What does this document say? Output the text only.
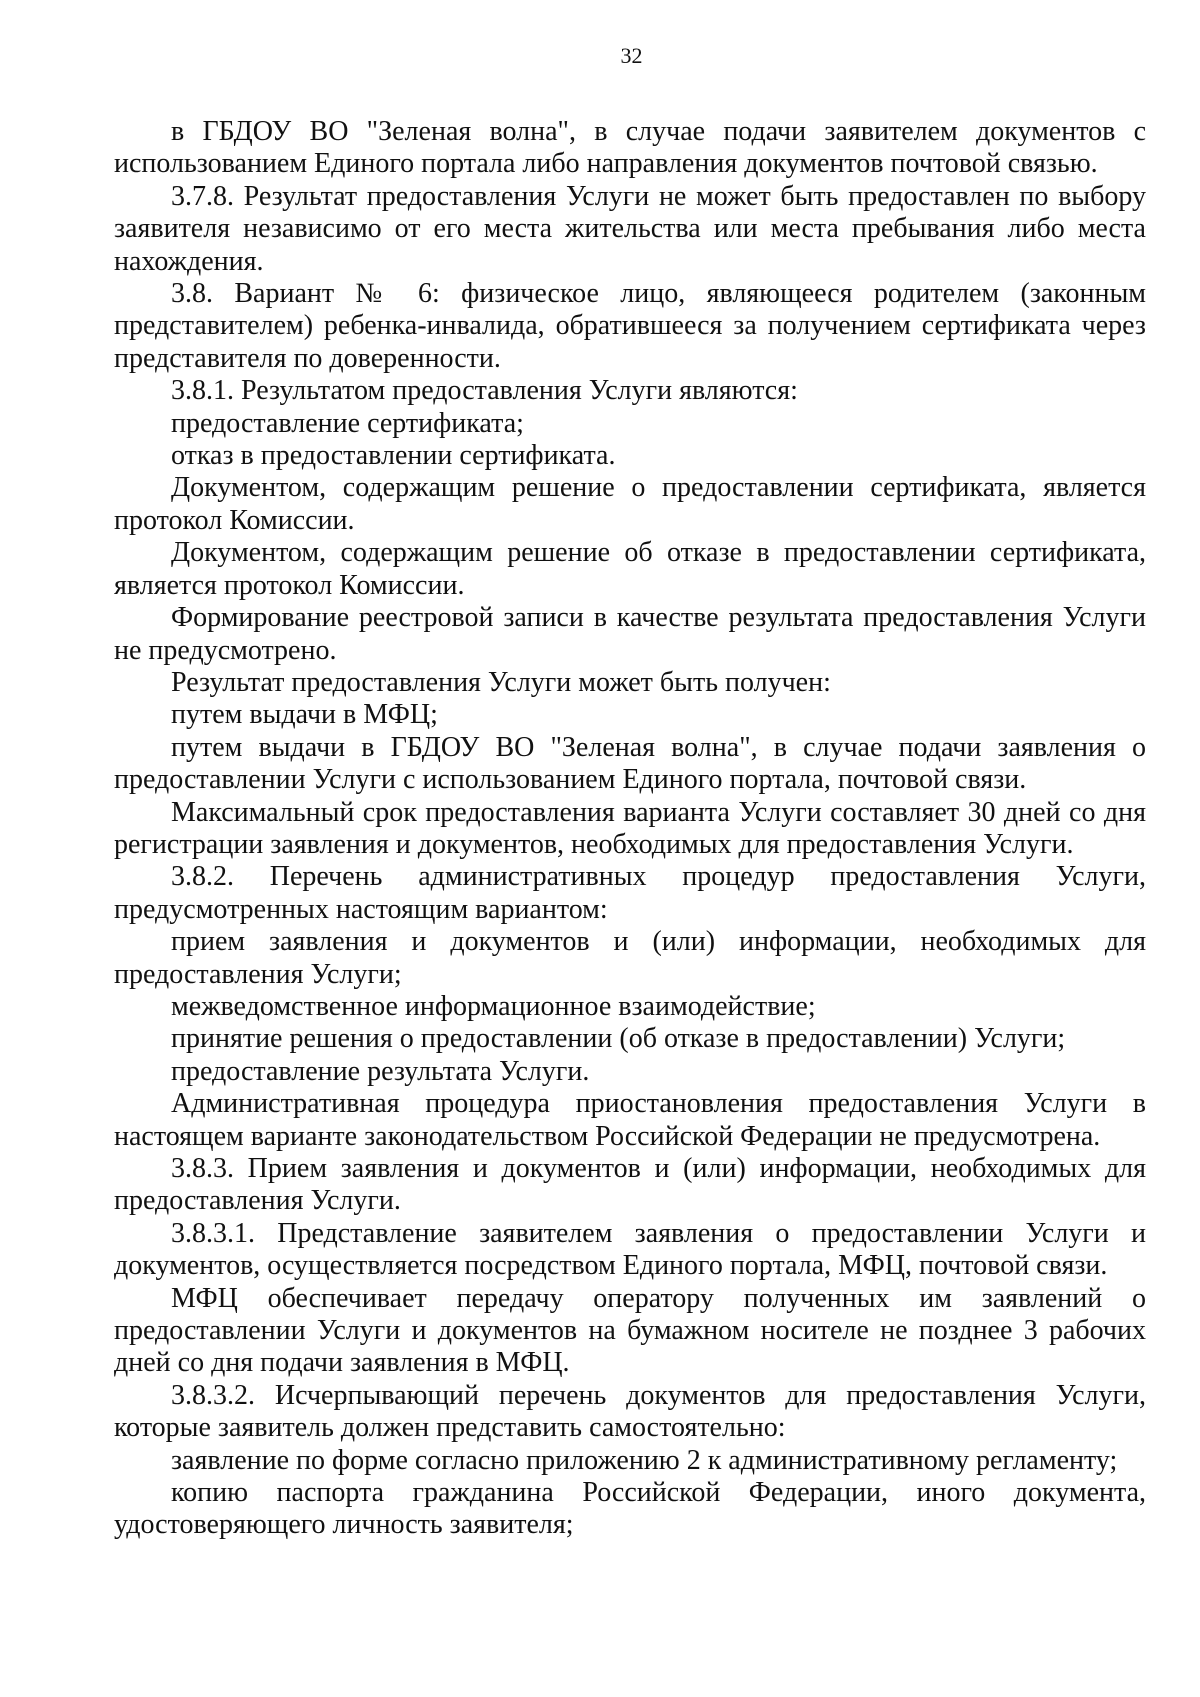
32

в ГБДОУ ВО "Зеленая волна", в случае подачи заявителем документов с использованием Единого портала либо направления документов почтовой связью.

3.7.8. Результат предоставления Услуги не может быть предоставлен по выбору заявителя независимо от его места жительства или места пребывания либо места нахождения.

3.8. Вариант № 6: физическое лицо, являющееся родителем (законным представителем) ребенка-инвалида, обратившееся за получением сертификата через представителя по доверенности.

3.8.1. Результатом предоставления Услуги являются:

предоставление сертификата;

отказ в предоставлении сертификата.

Документом, содержащим решение о предоставлении сертификата, является протокол Комиссии.

Документом, содержащим решение об отказе в предоставлении сертификата, является протокол Комиссии.

Формирование реестровой записи в качестве результата предоставления Услуги не предусмотрено.

Результат предоставления Услуги может быть получен:

путем выдачи в МФЦ;

путем выдачи в ГБДОУ ВО "Зеленая волна", в случае подачи заявления о предоставлении Услуги с использованием Единого портала, почтовой связи.

Максимальный срок предоставления варианта Услуги составляет 30 дней со дня регистрации заявления и документов, необходимых для предоставления Услуги.

3.8.2. Перечень административных процедур предоставления Услуги, предусмотренных настоящим вариантом:

прием заявления и документов и (или) информации, необходимых для предоставления Услуги;

межведомственное информационное взаимодействие;

принятие решения о предоставлении (об отказе в предоставлении) Услуги;

предоставление результата Услуги.

Административная процедура приостановления предоставления Услуги в настоящем варианте законодательством Российской Федерации не предусмотрена.

3.8.3. Прием заявления и документов и (или) информации, необходимых для предоставления Услуги.

3.8.3.1. Представление заявителем заявления о предоставлении Услуги и документов, осуществляется посредством Единого портала, МФЦ, почтовой связи.

МФЦ обеспечивает передачу оператору полученных им заявлений о предоставлении Услуги и документов на бумажном носителе не позднее 3 рабочих дней со дня подачи заявления в МФЦ.

3.8.3.2. Исчерпывающий перечень документов для предоставления Услуги, которые заявитель должен представить самостоятельно:

заявление по форме согласно приложению 2 к административному регламенту;

копию паспорта гражданина Российской Федерации, иного документа, удостоверяющего личность заявителя;
